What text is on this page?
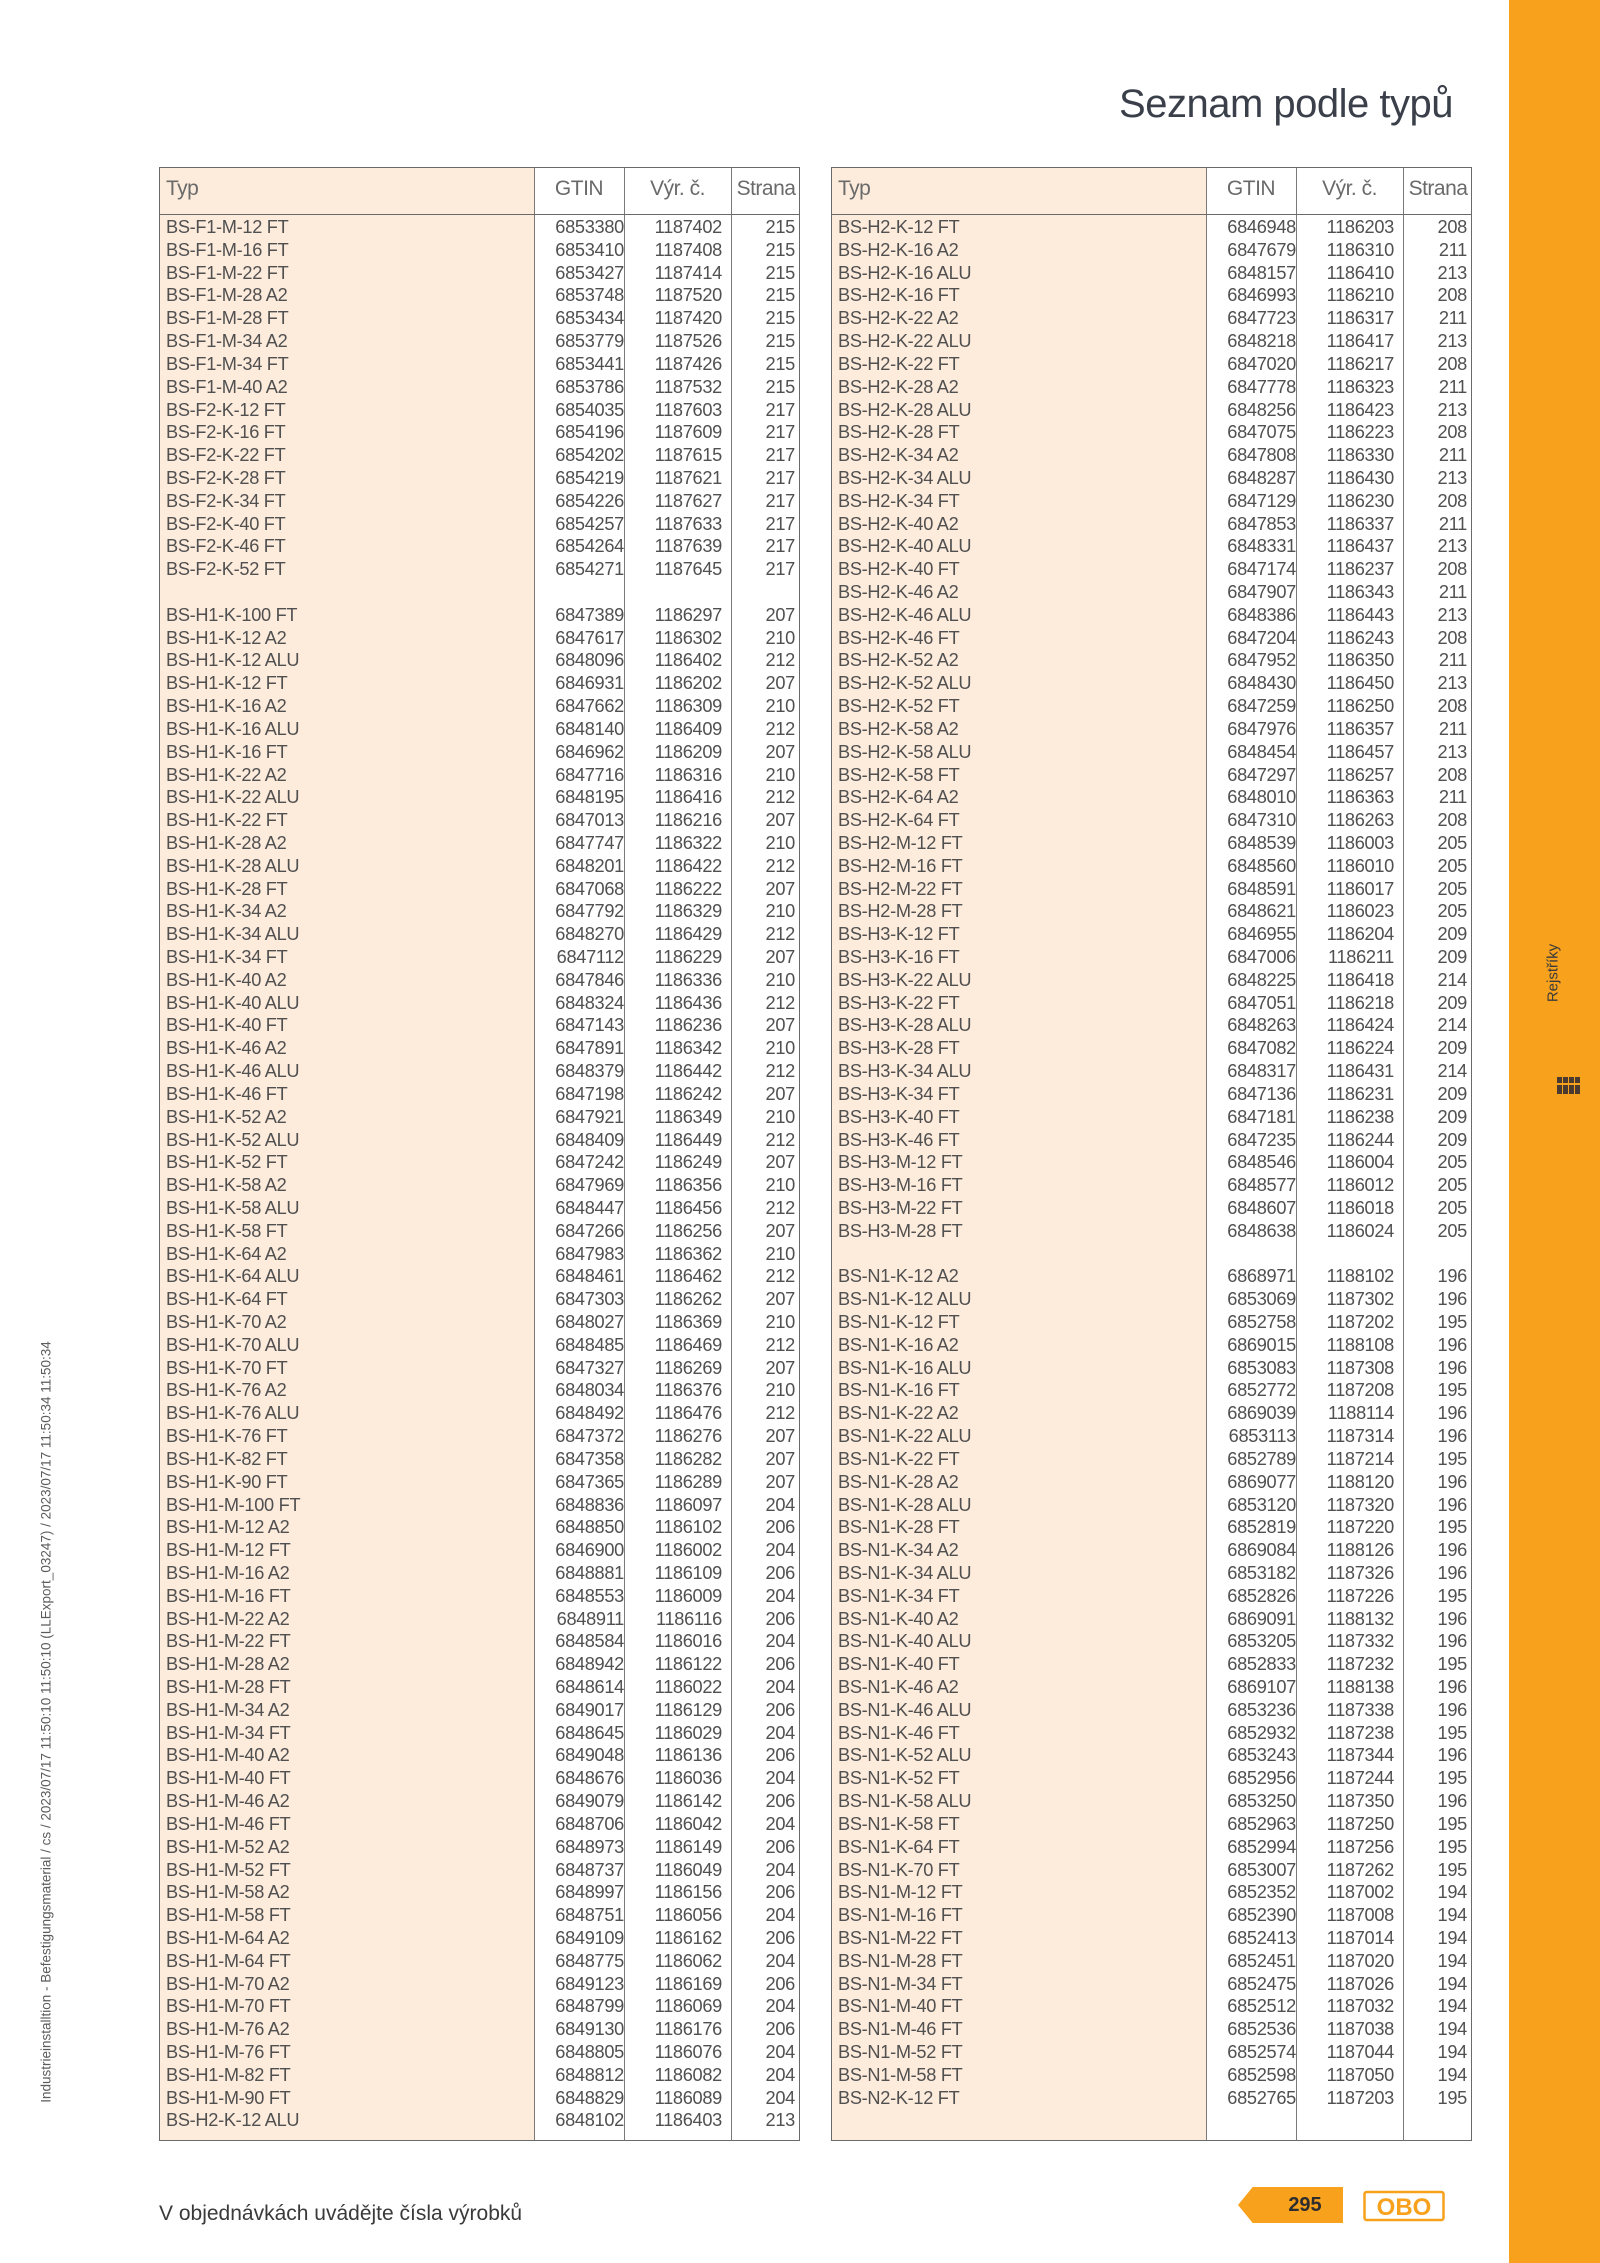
Rejstříky
Seznam podle typů
Industrieinstalltion - Befestigungsmaterial / cs / 2023/07/17 11:50:10 11:50:10 (LLExport_03247) / 2023/07/17 11:50:34 11:50:34
Typ	GTIN	Výr. č.	Strana
BS-F1-M-12 FT	6853380	1187402	215
BS-F1-M-16 FT	6853410	1187408	215
BS-F1-M-22 FT	6853427	1187414	215
BS-F1-M-28 A2	6853748	1187520	215
BS-F1-M-28 FT	6853434	1187420	215
BS-F1-M-34 A2	6853779	1187526	215
BS-F1-M-34 FT	6853441	1187426	215
BS-F1-M-40 A2	6853786	1187532	215
BS-F2-K-12 FT	6854035	1187603	217
BS-F2-K-16 FT	6854196	1187609	217
BS-F2-K-22 FT	6854202	1187615	217
BS-F2-K-28 FT	6854219	1187621	217
BS-F2-K-34 FT	6854226	1187627	217
BS-F2-K-40 FT	6854257	1187633	217
BS-F2-K-46 FT	6854264	1187639	217
BS-F2-K-52 FT	6854271	1187645	217
BS-H1-K-100 FT	6847389	1186297	207
BS-H1-K-12 A2	6847617	1186302	210
BS-H1-K-12 ALU	6848096	1186402	212
BS-H1-K-12 FT	6846931	1186202	207
BS-H1-K-16 A2	6847662	1186309	210
BS-H1-K-16 ALU	6848140	1186409	212
BS-H1-K-16 FT	6846962	1186209	207
BS-H1-K-22 A2	6847716	1186316	210
BS-H1-K-22 ALU	6848195	1186416	212
BS-H1-K-22 FT	6847013	1186216	207
BS-H1-K-28 A2	6847747	1186322	210
BS-H1-K-28 ALU	6848201	1186422	212
BS-H1-K-28 FT	6847068	1186222	207
BS-H1-K-34 A2	6847792	1186329	210
BS-H1-K-34 ALU	6848270	1186429	212
BS-H1-K-34 FT	6847112	1186229	207
BS-H1-K-40 A2	6847846	1186336	210
BS-H1-K-40 ALU	6848324	1186436	212
BS-H1-K-40 FT	6847143	1186236	207
BS-H1-K-46 A2	6847891	1186342	210
BS-H1-K-46 ALU	6848379	1186442	212
BS-H1-K-46 FT	6847198	1186242	207
BS-H1-K-52 A2	6847921	1186349	210
BS-H1-K-52 ALU	6848409	1186449	212
BS-H1-K-52 FT	6847242	1186249	207
BS-H1-K-58 A2	6847969	1186356	210
BS-H1-K-58 ALU	6848447	1186456	212
BS-H1-K-58 FT	6847266	1186256	207
BS-H1-K-64 A2	6847983	1186362	210
BS-H1-K-64 ALU	6848461	1186462	212
BS-H1-K-64 FT	6847303	1186262	207
BS-H1-K-70 A2	6848027	1186369	210
BS-H1-K-70 ALU	6848485	1186469	212
BS-H1-K-70 FT	6847327	1186269	207
BS-H1-K-76 A2	6848034	1186376	210
BS-H1-K-76 ALU	6848492	1186476	212
BS-H1-K-76 FT	6847372	1186276	207
BS-H1-K-82 FT	6847358	1186282	207
BS-H1-K-90 FT	6847365	1186289	207
BS-H1-M-100 FT	6848836	1186097	204
BS-H1-M-12 A2	6848850	1186102	206
BS-H1-M-12 FT	6846900	1186002	204
BS-H1-M-16 A2	6848881	1186109	206
BS-H1-M-16 FT	6848553	1186009	204
BS-H1-M-22 A2	6848911	1186116	206
BS-H1-M-22 FT	6848584	1186016	204
BS-H1-M-28 A2	6848942	1186122	206
BS-H1-M-28 FT	6848614	1186022	204
BS-H1-M-34 A2	6849017	1186129	206
BS-H1-M-34 FT	6848645	1186029	204
BS-H1-M-40 A2	6849048	1186136	206
BS-H1-M-40 FT	6848676	1186036	204
BS-H1-M-46 A2	6849079	1186142	206
BS-H1-M-46 FT	6848706	1186042	204
BS-H1-M-52 A2	6848973	1186149	206
BS-H1-M-52 FT	6848737	1186049	204
BS-H1-M-58 A2	6848997	1186156	206
BS-H1-M-58 FT	6848751	1186056	204
BS-H1-M-64 A2	6849109	1186162	206
BS-H1-M-64 FT	6848775	1186062	204
BS-H1-M-70 A2	6849123	1186169	206
BS-H1-M-70 FT	6848799	1186069	204
BS-H1-M-76 A2	6849130	1186176	206
BS-H1-M-76 FT	6848805	1186076	204
BS-H1-M-82 FT	6848812	1186082	204
BS-H1-M-90 FT	6848829	1186089	204
BS-H2-K-12 ALU	6848102	1186403	213
Typ	GTIN	Výr. č.	Strana
BS-H2-K-12 FT	6846948	1186203	208
BS-H2-K-16 A2	6847679	1186310	211
BS-H2-K-16 ALU	6848157	1186410	213
BS-H2-K-16 FT	6846993	1186210	208
BS-H2-K-22 A2	6847723	1186317	211
BS-H2-K-22 ALU	6848218	1186417	213
BS-H2-K-22 FT	6847020	1186217	208
BS-H2-K-28 A2	6847778	1186323	211
BS-H2-K-28 ALU	6848256	1186423	213
BS-H2-K-28 FT	6847075	1186223	208
BS-H2-K-34 A2	6847808	1186330	211
BS-H2-K-34 ALU	6848287	1186430	213
BS-H2-K-34 FT	6847129	1186230	208
BS-H2-K-40 A2	6847853	1186337	211
BS-H2-K-40 ALU	6848331	1186437	213
BS-H2-K-40 FT	6847174	1186237	208
BS-H2-K-46 A2	6847907	1186343	211
BS-H2-K-46 ALU	6848386	1186443	213
BS-H2-K-46 FT	6847204	1186243	208
BS-H2-K-52 A2	6847952	1186350	211
BS-H2-K-52 ALU	6848430	1186450	213
BS-H2-K-52 FT	6847259	1186250	208
BS-H2-K-58 A2	6847976	1186357	211
BS-H2-K-58 ALU	6848454	1186457	213
BS-H2-K-58 FT	6847297	1186257	208
BS-H2-K-64 A2	6848010	1186363	211
BS-H2-K-64 FT	6847310	1186263	208
BS-H2-M-12 FT	6848539	1186003	205
BS-H2-M-16 FT	6848560	1186010	205
BS-H2-M-22 FT	6848591	1186017	205
BS-H2-M-28 FT	6848621	1186023	205
BS-H3-K-12 FT	6846955	1186204	209
BS-H3-K-16 FT	6847006	1186211	209
BS-H3-K-22 ALU	6848225	1186418	214
BS-H3-K-22 FT	6847051	1186218	209
BS-H3-K-28 ALU	6848263	1186424	214
BS-H3-K-28 FT	6847082	1186224	209
BS-H3-K-34 ALU	6848317	1186431	214
BS-H3-K-34 FT	6847136	1186231	209
BS-H3-K-40 FT	6847181	1186238	209
BS-H3-K-46 FT	6847235	1186244	209
BS-H3-M-12 FT	6848546	1186004	205
BS-H3-M-16 FT	6848577	1186012	205
BS-H3-M-22 FT	6848607	1186018	205
BS-H3-M-28 FT	6848638	1186024	205
BS-N1-K-12 A2	6868971	1188102	196
BS-N1-K-12 ALU	6853069	1187302	196
BS-N1-K-12 FT	6852758	1187202	195
BS-N1-K-16 A2	6869015	1188108	196
BS-N1-K-16 ALU	6853083	1187308	196
BS-N1-K-16 FT	6852772	1187208	195
BS-N1-K-22 A2	6869039	1188114	196
BS-N1-K-22 ALU	6853113	1187314	196
BS-N1-K-22 FT	6852789	1187214	195
BS-N1-K-28 A2	6869077	1188120	196
BS-N1-K-28 ALU	6853120	1187320	196
BS-N1-K-28 FT	6852819	1187220	195
BS-N1-K-34 A2	6869084	1188126	196
BS-N1-K-34 ALU	6853182	1187326	196
BS-N1-K-34 FT	6852826	1187226	195
BS-N1-K-40 A2	6869091	1188132	196
BS-N1-K-40 ALU	6853205	1187332	196
BS-N1-K-40 FT	6852833	1187232	195
BS-N1-K-46 A2	6869107	1188138	196
BS-N1-K-46 ALU	6853236	1187338	196
BS-N1-K-46 FT	6852932	1187238	195
BS-N1-K-52 ALU	6853243	1187344	196
BS-N1-K-52 FT	6852956	1187244	195
BS-N1-K-58 ALU	6853250	1187350	196
BS-N1-K-58 FT	6852963	1187250	195
BS-N1-K-64 FT	6852994	1187256	195
BS-N1-K-70 FT	6853007	1187262	195
BS-N1-M-12 FT	6852352	1187002	194
BS-N1-M-16 FT	6852390	1187008	194
BS-N1-M-22 FT	6852413	1187014	194
BS-N1-M-28 FT	6852451	1187020	194
BS-N1-M-34 FT	6852475	1187026	194
BS-N1-M-40 FT	6852512	1187032	194
BS-N1-M-46 FT	6852536	1187038	194
BS-N1-M-52 FT	6852574	1187044	194
BS-N1-M-58 FT	6852598	1187050	194
BS-N2-K-12 FT	6852765	1187203	195
V objednávkách uvádějte čísla výrobků	295	OBO
